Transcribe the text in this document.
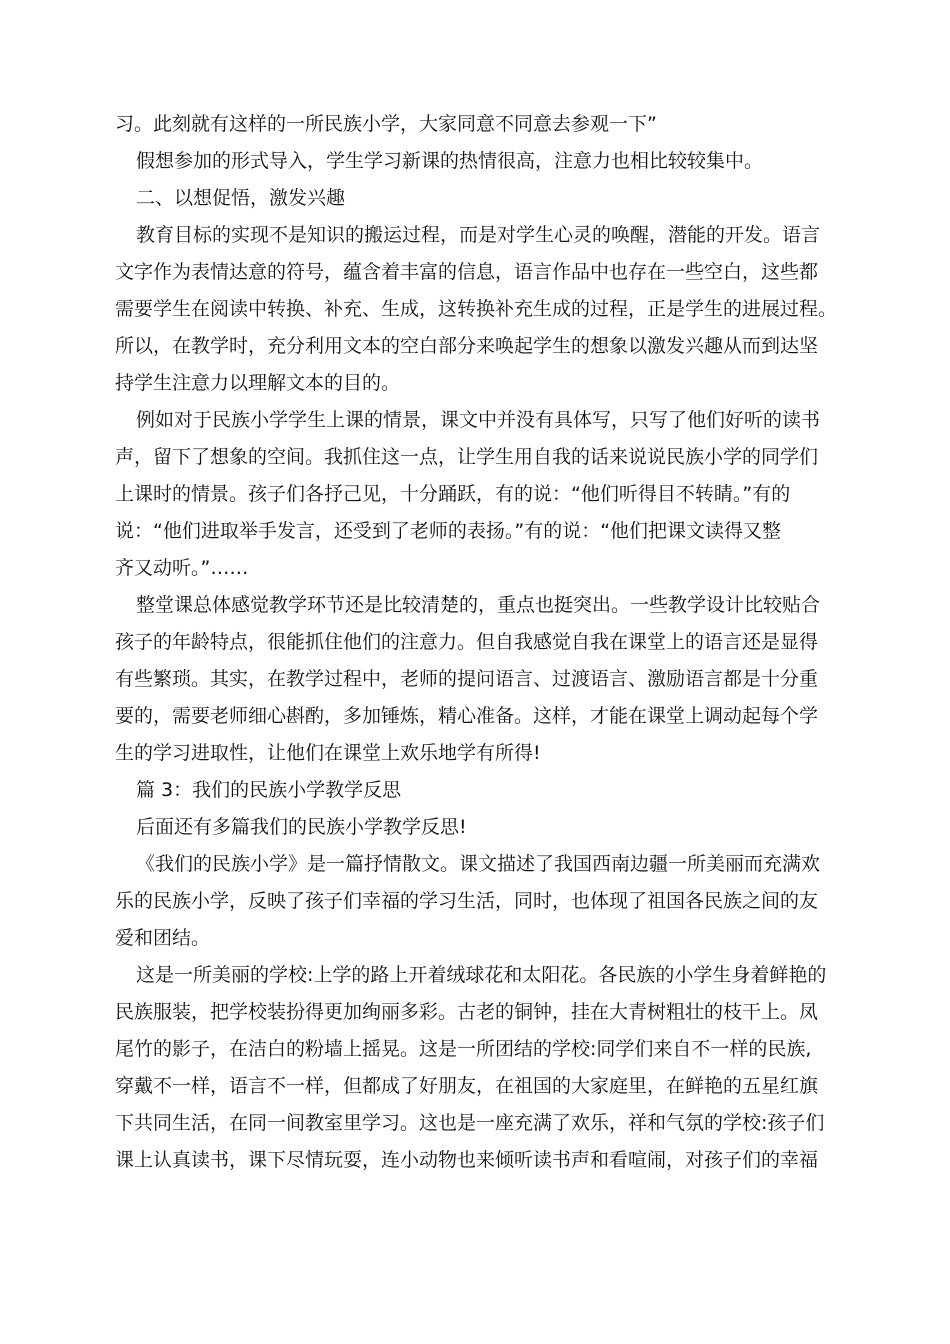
习。此刻就有这样的一所民族小学，大家同意不同意去参观一下”
假想参加的形式导入，学生学习新课的热情很高，注意力也相比较较集中。
二、以想促悟，激发兴趣
教育目标的实现不是知识的搬运过程，而是对学生心灵的唤醒，潜能的开发。语言
文字作为表情达意的符号，蕴含着丰富的信息，语言作品中也存在一些空白，这些都
需要学生在阅读中转换、补充、生成，这转换补充生成的过程，正是学生的进展过程。
所以，在教学时，充分利用文本的空白部分来唤起学生的想象以激发兴趣从而到达坚
持学生注意力以理解文本的目的。
例如对于民族小学学生上课的情景，课文中并没有具体写，只写了他们好听的读书
声，留下了想象的空间。我抓住这一点，让学生用自我的话来说说民族小学的同学们
上课时的情景。孩子们各抒己见，十分踊跃，有的说：“他们听得目不转睛。”有的
说：“他们进取举手发言，还受到了老师的表扬。”有的说：“他们把课文读得又整
齐又动听。”……
整堂课总体感觉教学环节还是比较清楚的，重点也挺突出。一些教学设计比较贴合
孩子的年龄特点，很能抓住他们的注意力。但自我感觉自我在课堂上的语言还是显得
有些繁琐。其实，在教学过程中，老师的提问语言、过渡语言、激励语言都是十分重
要的，需要老师细心斟酌，多加锤炼，精心准备。这样，才能在课堂上调动起每个学
生的学习进取性，让他们在课堂上欢乐地学有所得!
篇 3：我们的民族小学教学反思
后面还有多篇我们的民族小学教学反思!
《我们的民族小学》是一篇抒情散文。课文描述了我国西南边疆一所美丽而充满欢
乐的民族小学，反映了孩子们幸福的学习生活，同时，也体现了祖国各民族之间的友
爱和团结。
这是一所美丽的学校:上学的路上开着绒球花和太阳花。各民族的小学生身着鲜艳的
民族服装，把学校装扮得更加绚丽多彩。古老的铜钟，挂在大青树粗壮的枝干上。凤
尾竹的影子，在洁白的粉墙上摇晃。这是一所团结的学校:同学们来自不一样的民族,
穿戴不一样，语言不一样，但都成了好朋友，在祖国的大家庭里，在鲜艳的五星红旗
下共同生活，在同一间教室里学习。这也是一座充满了欢乐，祥和气氛的学校:孩子们
课上认真读书，课下尽情玩耍，连小动物也来倾听读书声和看喧闹，对孩子们的幸福
